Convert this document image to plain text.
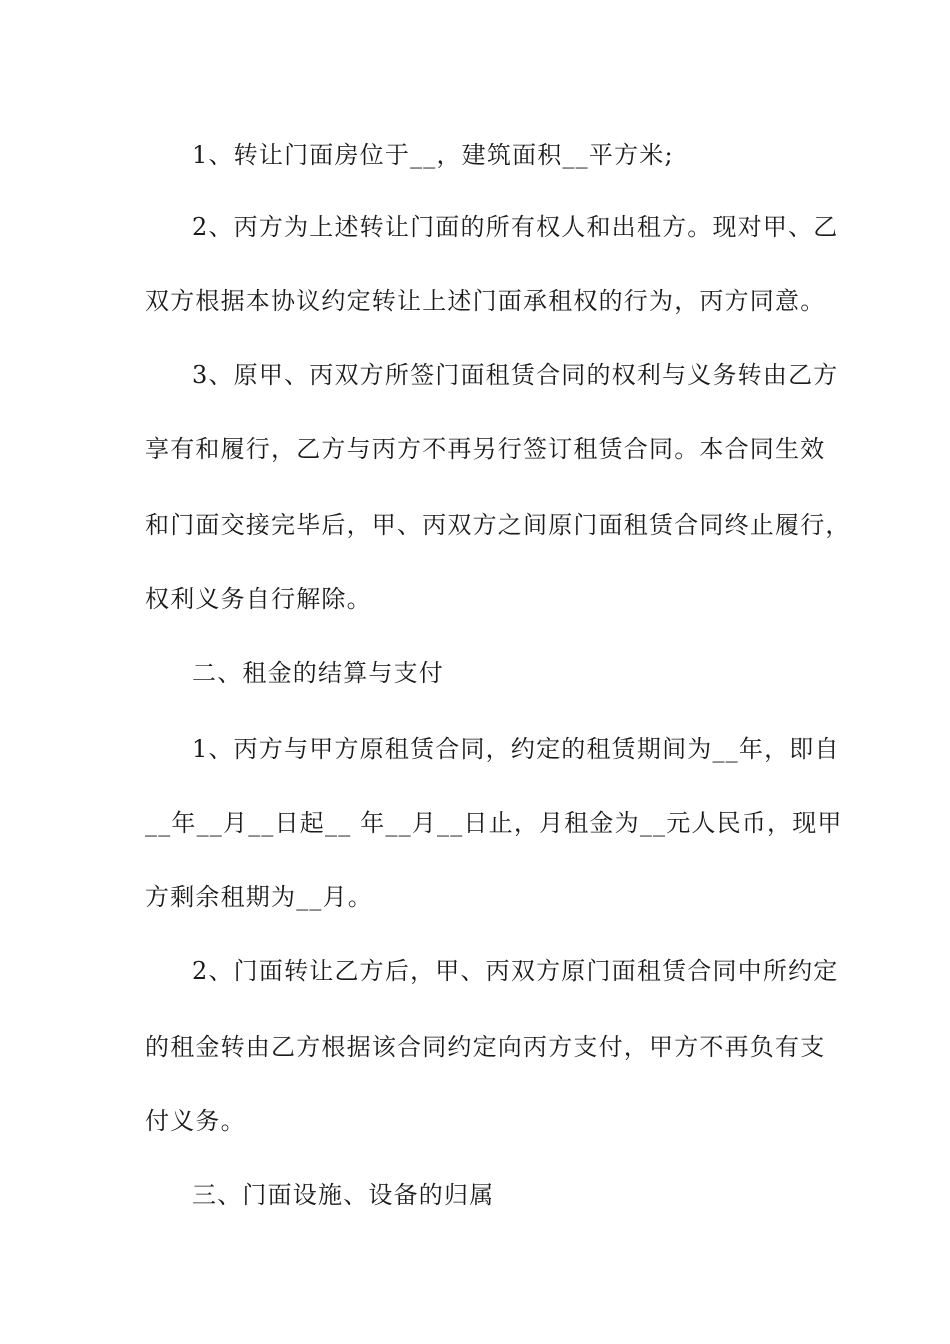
1、转让门面房位于__，建筑面积__平方米;
2、丙方为上述转让门面的所有权人和出租方。现对甲、乙
双方根据本协议约定转让上述门面承租权的行为，丙方同意。
3、原甲、丙双方所签门面租赁合同的权利与义务转由乙方
享有和履行，乙方与丙方不再另行签订租赁合同。本合同生效
和门面交接完毕后，甲、丙双方之间原门面租赁合同终止履行，
权利义务自行解除。
二、租金的结算与支付
1、丙方与甲方原租赁合同，约定的租赁期间为__年，即自
__年__月__日起__ 年__月__日止，月租金为__元人民币，现甲
方剩余租期为__月。
2、门面转让乙方后，甲、丙双方原门面租赁合同中所约定
的租金转由乙方根据该合同约定向丙方支付，甲方不再负有支
付义务。
三、门面设施、设备的归属
